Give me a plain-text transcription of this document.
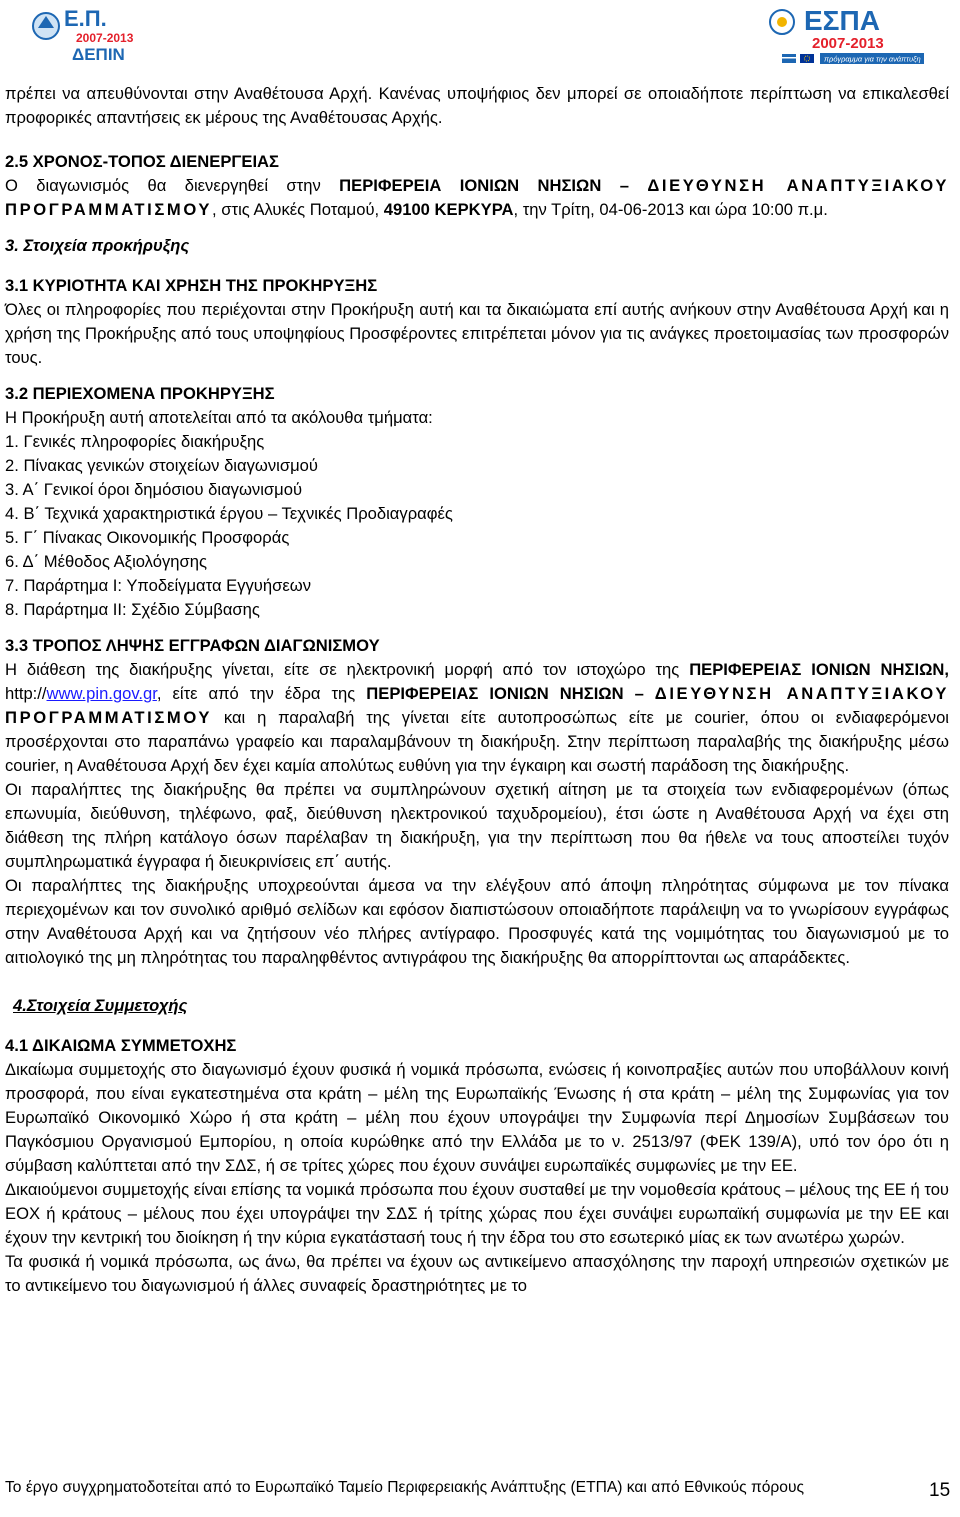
Ε.Π.
2007-2013
ΔΕΠΙΝ
ΕΣΠΑ
2007-2013
πρόγραμμα για την ανάπτυξη

πρέπει να απευθύνονται στην Αναθέτουσα Αρχή. Κανένας υποψήφιος δεν μπορεί σε οποιαδήποτε περίπτωση να επικαλεσθεί προφορικές απαντήσεις εκ μέρους της Αναθέτουσας Αρχής.

2.5 ΧΡΟΝΟΣ-ΤΟΠΟΣ ΔΙΕΝΕΡΓΕΙΑΣ

Ο διαγωνισμός θα διενεργηθεί στην ΠΕΡΙΦΕΡΕΙΑ ΙΟΝΙΩΝ ΝΗΣΙΩΝ – ΔΙΕΥΘΥΝΣΗ ΑΝΑΠΤΥΞΙΑΚΟΥ ΠΡΟΓΡΑΜΜΑΤΙΣΜΟΥ, στις Αλυκές Ποταμού, 49100 ΚΕΡΚΥΡΑ, την Τρίτη, 04-06-2013 και ώρα 10:00 π.μ.

3. Στοιχεία προκήρυξης

3.1 ΚΥΡΙΟΤΗΤΑ ΚΑΙ ΧΡΗΣΗ ΤΗΣ ΠΡΟΚΗΡΥΞΗΣ

Όλες οι πληροφορίες που περιέχονται στην Προκήρυξη αυτή και τα δικαιώματα επί αυτής ανήκουν στην Αναθέτουσα Αρχή και η χρήση της Προκήρυξης από τους υποψηφίους Προσφέροντες επιτρέπεται μόνον για τις ανάγκες προετοιμασίας των προσφορών τους.

3.2 ΠΕΡΙΕΧΟΜΕΝΑ ΠΡΟΚΗΡΥΞΗΣ

Η Προκήρυξη αυτή αποτελείται από τα ακόλουθα τμήματα:

1. Γενικές πληροφορίες διακήρυξης
2. Πίνακας γενικών στοιχείων διαγωνισμού
3. Α΄ Γενικοί όροι δημόσιου διαγωνισμού
4. Β΄ Τεχνικά χαρακτηριστικά έργου – Τεχνικές Προδιαγραφές
5. Γ΄ Πίνακας Οικονομικής Προσφοράς
6. Δ΄ Μέθοδος Αξιολόγησης
7. Παράρτημα Ι: Υποδείγματα Εγγυήσεων
8. Παράρτημα ΙΙ: Σχέδιο Σύμβασης

3.3 ΤΡΟΠΟΣ ΛΗΨΗΣ ΕΓΓΡΑΦΩΝ ΔΙΑΓΩΝΙΣΜΟΥ

Η διάθεση της διακήρυξης γίνεται, είτε σε ηλεκτρονική μορφή από τον ιστοχώρο της ΠΕΡΙΦΕΡΕΙΑΣ ΙΟΝΙΩΝ ΝΗΣΙΩΝ, http://www.pin.gov.gr, είτε από την έδρα της ΠΕΡΙΦΕΡΕΙΑΣ ΙΟΝΙΩΝ ΝΗΣΙΩΝ – ΔΙΕΥΘΥΝΣΗ ΑΝΑΠΤΥΞΙΑΚΟΥ ΠΡΟΓΡΑΜΜΑΤΙΣΜΟΥ και η παραλαβή της γίνεται είτε αυτοπροσώπως είτε με courier, όπου οι ενδιαφερόμενοι προσέρχονται στο παραπάνω γραφείο και παραλαμβάνουν τη διακήρυξη. Στην περίπτωση παραλαβής της διακήρυξης μέσω courier, η Αναθέτουσα Αρχή δεν έχει καμία απολύτως ευθύνη για την έγκαιρη και σωστή παράδοση της διακήρυξης.

Οι παραλήπτες της διακήρυξης θα πρέπει να συμπληρώνουν σχετική αίτηση με τα στοιχεία των ενδιαφερομένων (όπως επωνυμία, διεύθυνση, τηλέφωνο, φαξ, διεύθυνση ηλεκτρονικού ταχυδρομείου), έτσι ώστε η Αναθέτουσα Αρχή να έχει στη διάθεση της πλήρη κατάλογο όσων παρέλαβαν τη διακήρυξη, για την περίπτωση που θα ήθελε να τους αποστείλει τυχόν συμπληρωματικά έγγραφα ή διευκρινίσεις επ΄ αυτής.

Οι παραλήπτες της διακήρυξης υποχρεούνται άμεσα να την ελέγξουν από άποψη πληρότητας σύμφωνα με τον πίνακα περιεχομένων και τον συνολικό αριθμό σελίδων και εφόσον διαπιστώσουν οποιαδήποτε παράλειψη να το γνωρίσουν εγγράφως στην Αναθέτουσα Αρχή και να ζητήσουν νέο πλήρες αντίγραφο. Προσφυγές κατά της νομιμότητας του διαγωνισμού με το αιτιολογικό της μη πληρότητας του παραληφθέντος αντιγράφου της διακήρυξης θα απορρίπτονται ως απαράδεκτες.

4.Στοιχεία Συμμετοχής

4.1 ΔΙΚΑΙΩΜΑ ΣΥΜΜΕΤΟΧΗΣ

Δικαίωμα συμμετοχής στο διαγωνισμό έχουν φυσικά ή νομικά πρόσωπα, ενώσεις ή κοινοπραξίες αυτών που υποβάλλουν κοινή προσφορά, που είναι εγκατεστημένα στα κράτη – μέλη της Ευρωπαϊκής Ένωσης ή στα κράτη – μέλη της Συμφωνίας για τον Ευρωπαϊκό Οικονομικό Χώρο ή στα κράτη – μέλη που έχουν υπογράψει την Συμφωνία περί Δημοσίων Συμβάσεων του Παγκόσμιου Οργανισμού Εμπορίου, η οποία κυρώθηκε από την Ελλάδα με το ν. 2513/97 (ΦΕΚ 139/Α), υπό τον όρο ότι η σύμβαση καλύπτεται από την ΣΔΣ, ή σε τρίτες χώρες που έχουν συνάψει ευρωπαϊκές συμφωνίες με την ΕΕ.

Δικαιούμενοι συμμετοχής είναι επίσης τα νομικά πρόσωπα που έχουν συσταθεί με την νομοθεσία κράτους – μέλους της ΕΕ ή του ΕΟΧ ή κράτους – μέλους που έχει υπογράψει την ΣΔΣ ή τρίτης χώρας που έχει συνάψει ευρωπαϊκή συμφωνία με την ΕΕ και έχουν την κεντρική του διοίκηση ή την κύρια εγκατάστασή τους ή την έδρα του στο εσωτερικό μίας εκ των ανωτέρω χωρών.

Τα φυσικά ή νομικά πρόσωπα, ως άνω, θα πρέπει να έχουν ως αντικείμενο απασχόλησης την παροχή υπηρεσιών σχετικών με το αντικείμενο του διαγωνισμού ή άλλες συναφείς δραστηριότητες με το

Το έργο συγχρηματοδοτείται από το Ευρωπαϊκό Ταμείο Περιφερειακής Ανάπτυξης (ΕΤΠΑ) και από Εθνικούς πόρους	15
